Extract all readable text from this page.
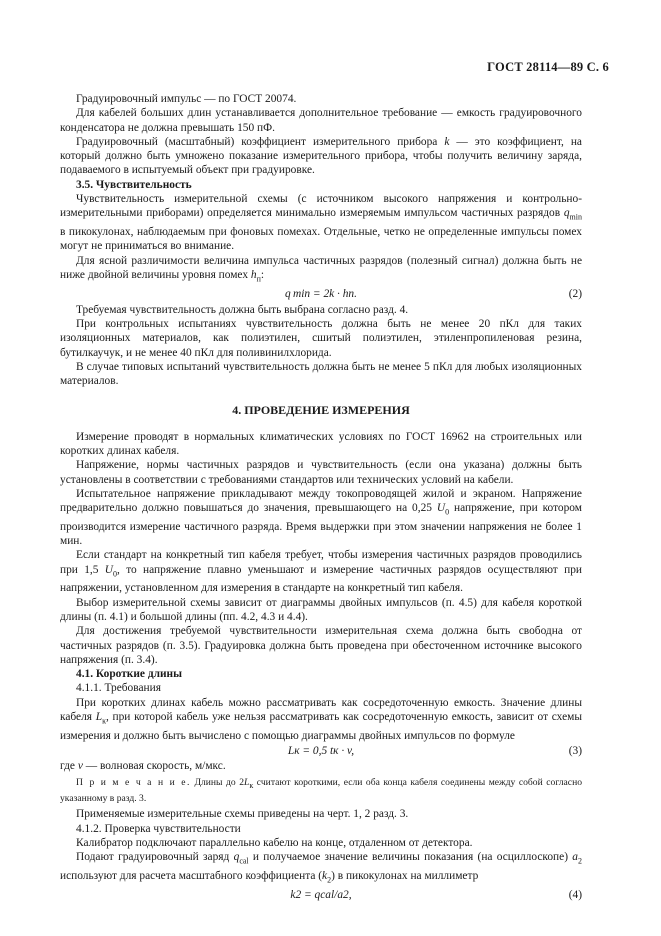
ГОСТ 28114—89 С. 6

Градуировочный импульс — по ГОСТ 20074.

Для кабелей больших длин устанавливается дополнительное требование — емкость градуировочного конденсатора не должна превышать 150 пФ.

Градуировочный (масштабный) коэффициент измерительного прибора k — это коэффициент, на который должно быть умножено показание измерительного прибора, чтобы получить величину заряда, подаваемого в испытуемый объект при градуировке.

3.5. Чувствительность

Чувствительность измерительной схемы (с источником высокого напряжения и контрольно-измерительными приборами) определяется минимально измеряемым импульсом частичных разрядов $q_{min}$ в пикокулонах, наблюдаемым при фоновых помехах. Отдельные, четко не определенные импульсы помех могут не приниматься во внимание.

Для ясной различимости величина импульса частичных разрядов (полезный сигнал) должна быть не ниже двойной величины уровня помех $h_п$:

q min = 2k · hп.	(2)

Требуемая чувствительность должна быть выбрана согласно разд. 4.

При контрольных испытаниях чувствительность должна быть не менее 20 пКл для таких изоляционных материалов, как полиэтилен, сшитый полиэтилен, этиленпропиленовая резина, бутилкаучук, и не менее 40 пКл для поливинилхлорида.

В случае типовых испытаний чувствительность должна быть не менее 5 пКл для любых изоляционных материалов.

4. ПРОВЕДЕНИЕ ИЗМЕРЕНИЯ

Измерение проводят в нормальных климатических условиях по ГОСТ 16962 на строительных или коротких длинах кабеля.

Напряжение, нормы частичных разрядов и чувствительность (если она указана) должны быть установлены в соответствии с требованиями стандартов или технических условий на кабели.

Испытательное напряжение прикладывают между токопроводящей жилой и экраном. Напряжение предварительно должно повышаться до значения, превышающего на 0,25 $U_0$ напряжение, при котором производится измерение частичного разряда. Время выдержки при этом значении напряжения не более 1 мин.

Если стандарт на конкретный тип кабеля требует, чтобы измерения частичных разрядов проводились при 1,5 $U_0$, то напряжение плавно уменьшают и измерение частичных разрядов осуществляют при напряжении, установленном для измерения в стандарте на конкретный тип кабеля.

Выбор измерительной схемы зависит от диаграммы двойных импульсов (п. 4.5) для кабеля короткой длины (п. 4.1) и большой длины (пп. 4.2, 4.3 и 4.4).

Для достижения требуемой чувствительности измерительная схема должна быть свободна от частичных разрядов (п. 3.5). Градуировка должна быть проведена при обесточенном источнике высокого напряжения (п. 3.4).

4.1. Короткие длины

4.1.1. Требования

При коротких длинах кабель можно рассматривать как сосредоточенную емкость. Значение длины кабеля $L_к$, при которой кабель уже нельзя рассматривать как сосредоточенную емкость, зависит от схемы измерения и должно быть вычислено с помощью диаграммы двойных импульсов по формуле

Lк = 0,5 tк · v,	(3)

где v — волновая скорость, м/мкс.

П р и м е ч а н и е. Длины до $2L_к$ считают короткими, если оба конца кабеля соединены между собой согласно указанному в разд. 3.

Применяемые измерительные схемы приведены на черт. 1, 2 разд. 3.

4.1.2. Проверка чувствительности

Калибратор подключают параллельно кабелю на конце, отдаленном от детектора.

Подают градуировочный заряд $q_{cal}$ и получаемое значение величины показания (на осциллоскопе) $a_2$ используют для расчета масштабного коэффициента $(k_2)$ в пикокулонах на миллиметр

k2 = qcal/a2,	(4)
